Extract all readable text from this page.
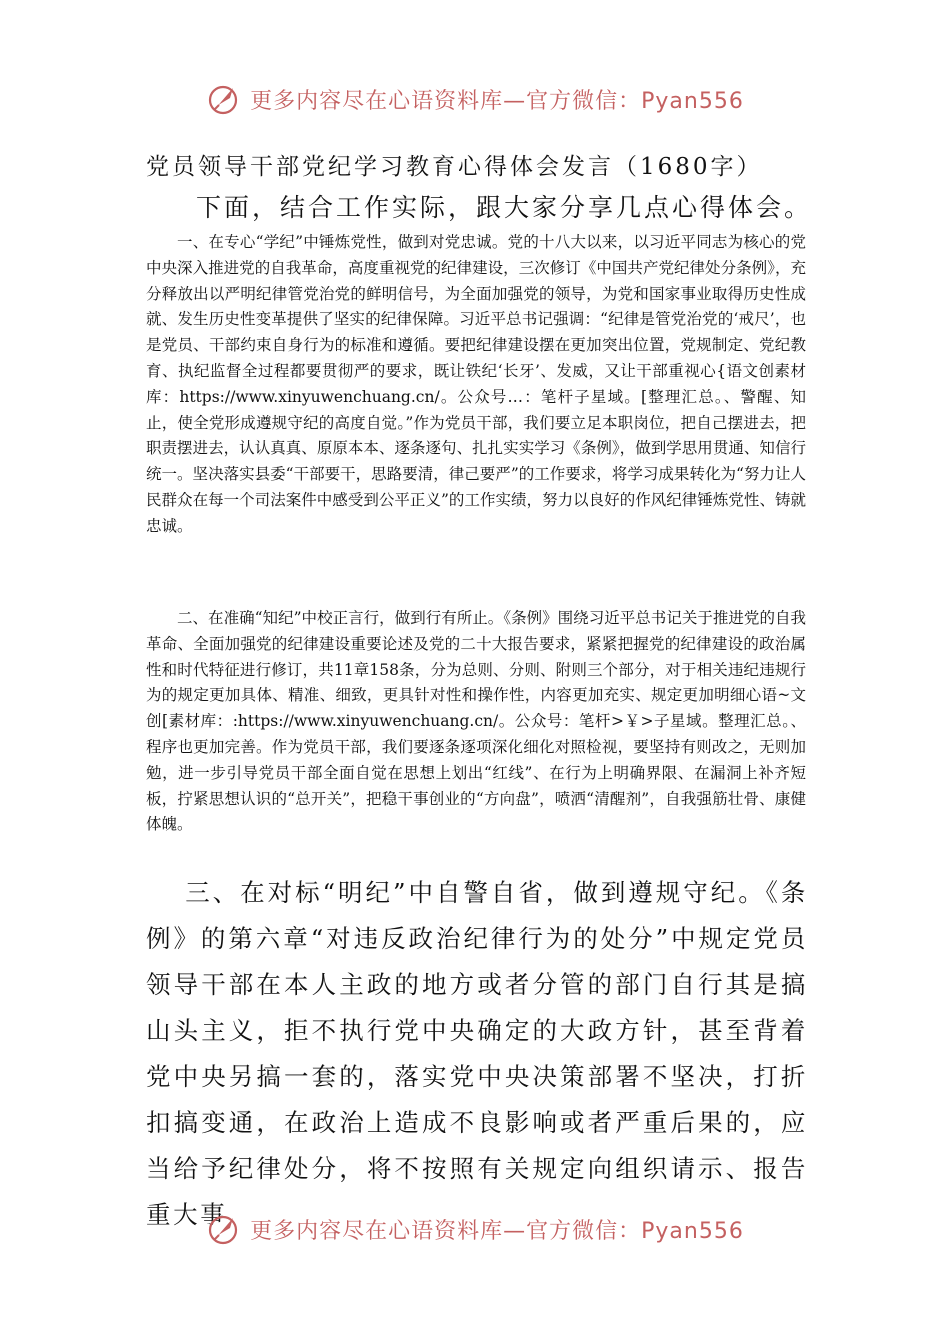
更多内容尽在心语资料库—官方微信：Pyan556
党员领导干部党纪学习教育心得体会发言（1680字）
下面，结合工作实际，跟大家分享几点心得体会。

一、在专心“学纪”中锤炼党性，做到对党忠诚。党的十八大以来，以习近平同志为核心的党中央深入推进党的自我革命，高度重视党的纪律建设，三次修订《中国共产党纪律处分条例》，充分释放出以严明纪律管党治党的鲜明信号，为全面加强党的领导，为党和国家事业取得历史性成就、发生历史性变革提供了坚实的纪律保障。习近平总书记强调：“纪律是管党治党的‘戒尺’，也是党员、干部约束自身行为的标准和遵循。要把纪律建设摆在更加突出位置，党规制定、党纪教育、执纪监督全过程都要贯彻严的要求，既让铁纪‘长牙’、发威，又让干部重视心{语文创素材库：https://www.xinyuwenchuang.cn/。公众号…：笔杆子星域。[整理汇总。、警醒、知止，使全党形成遵规守纪的高度自觉。”作为党员干部，我们要立足本职岗位，把自己摆进去，把职责摆进去，认认真真、原原本本、逐条逐句、扎扎实实学习《条例》，做到学思用贯通、知信行统一。坚决落实县委“干部要干，思路要清，律己要严”的工作要求，将学习成果转化为“努力让人民群众在每一个司法案件中感受到公平正义”的工作实绩，努力以良好的作风纪律锤炼党性、铸就忠诚。

二、在准确“知纪”中校正言行，做到行有所止。《条例》围绕习近平总书记关于推进党的自我革命、全面加强党的纪律建设重要论述及党的二十大报告要求，紧紧把握党的纪律建设的政治属性和时代特征进行修订，共11章158条，分为总则、分则、附则三个部分，对于相关违纪违规行为的规定更加具体、精准、细致，更具针对性和操作性，内容更加充实、规定更加明细心语~文创[素材库：:https://www.xinyuwenchuang.cn/。公众号：笔杆>￥>子星域。整理汇总。、程序也更加完善。作为党员干部，我们要逐条逐项深化细化对照检视，要坚持有则改之，无则加勉，进一步引导党员干部全面自觉在思想上划出“红线”、在行为上明确界限、在漏洞上补齐短板，拧紧思想认识的“总开关”，把稳干事创业的“方向盘”，喷洒“清醒剂”，自我强筋壮骨、康健体魄。

三、在对标“明纪”中自警自省，做到遵规守纪。《条例》的第六章“对违反政治纪律行为的处分”中规定党员领导干部在本人主政的地方或者分管的部门自行其是搞山头主义，拒不执行党中央确定的大政方针，甚至背着党中央另搞一套的，落实党中央决策部署不坚决，打折扣搞变通，在政治上造成不良影响或者严重后果的，应当给予纪律处分，将不按照有关规定向组织请示、报告重大事

更多内容尽在心语资料库—官方微信：Pyan556
